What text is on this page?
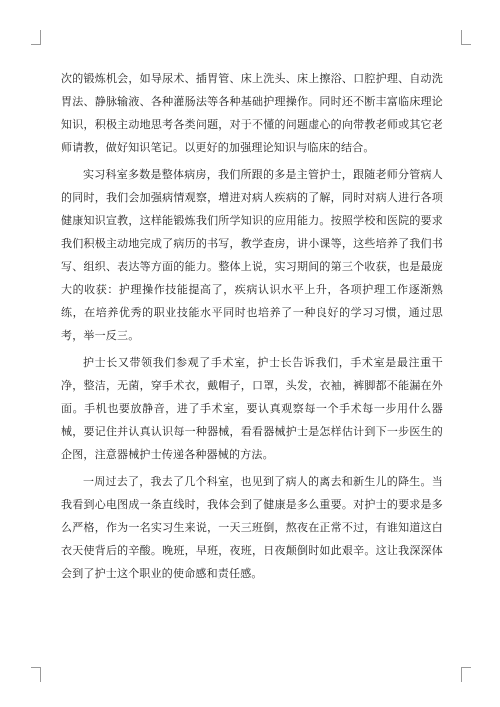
次的锻炼机会，如导尿术、插胃管、床上洗头、床上擦浴、口腔护理、自动洗胃法、静脉输液、各种灌肠法等各种基础护理操作。同时还不断丰富临床理论知识，积极主动地思考各类问题，对于不懂的问题虚心的向带教老师或其它老师请教，做好知识笔记。以更好的加强理论知识与临床的结合。

实习科室多数是整体病房，我们所跟的多是主管护士，跟随老师分管病人的同时，我们会加强病情观察，增进对病人疾病的了解，同时对病人进行各项健康知识宣教，这样能锻炼我们所学知识的应用能力。按照学校和医院的要求我们积极主动地完成了病历的书写，教学查房，讲小课等，这些培养了我们书写、组织、表达等方面的能力。整体上说，实习期间的第三个收获，也是最庞大的收获：护理操作技能提高了，疾病认识水平上升，各项护理工作逐渐熟练，在培养优秀的职业技能水平同时也培养了一种良好的学习习惯，通过思考，举一反三。

护士长又带领我们参观了手术室，护士长告诉我们，手术室是最注重干净，整洁，无菌，穿手术衣，戴帽子，口罩，头发，衣袖，裤脚都不能漏在外面。手机也要放静音，进了手术室，要认真观察每一个手术每一步用什么器械，要记住并认真认识每一种器械，看看器械护士是怎样估计到下一步医生的企图，注意器械护士传递各种器械的方法。

一周过去了，我去了几个科室，也见到了病人的离去和新生儿的降生。当我看到心电图成一条直线时，我体会到了健康是多么重要。对护士的要求是多么严格，作为一名实习生来说，一天三班倒，熬夜在正常不过，有谁知道这白衣天使背后的辛酸。晚班，早班，夜班，日夜颠倒时如此艰辛。这让我深深体会到了护士这个职业的使命感和责任感。
